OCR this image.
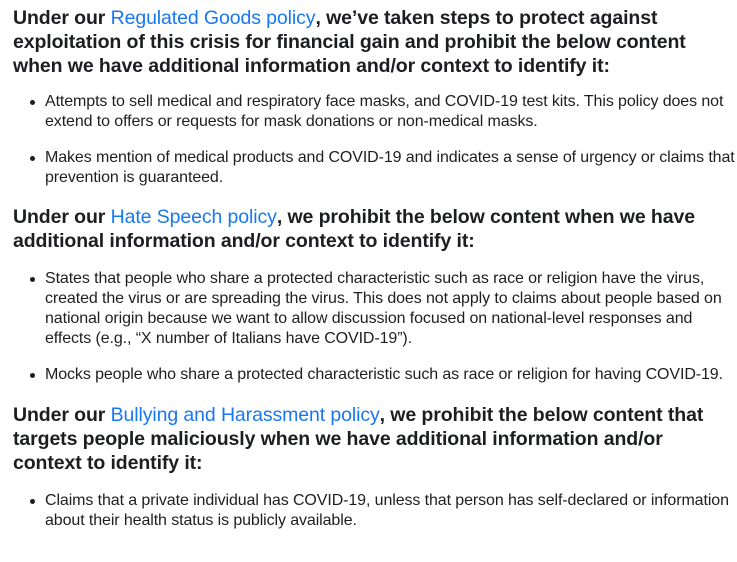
Under our Regulated Goods policy, we’ve taken steps to protect against exploitation of this crisis for financial gain and prohibit the below content when we have additional information and/or context to identify it:
Attempts to sell medical and respiratory face masks, and COVID-19 test kits. This policy does not extend to offers or requests for mask donations or non-medical masks.
Makes mention of medical products and COVID-19 and indicates a sense of urgency or claims that prevention is guaranteed.
Under our Hate Speech policy, we prohibit the below content when we have additional information and/or context to identify it:
States that people who share a protected characteristic such as race or religion have the virus, created the virus or are spreading the virus. This does not apply to claims about people based on national origin because we want to allow discussion focused on national-level responses and effects (e.g., “X number of Italians have COVID-19”).
Mocks people who share a protected characteristic such as race or religion for having COVID-19.
Under our Bullying and Harassment policy, we prohibit the below content that targets people maliciously when we have additional information and/or context to identify it:
Claims that a private individual has COVID-19, unless that person has self-declared or information about their health status is publicly available.
